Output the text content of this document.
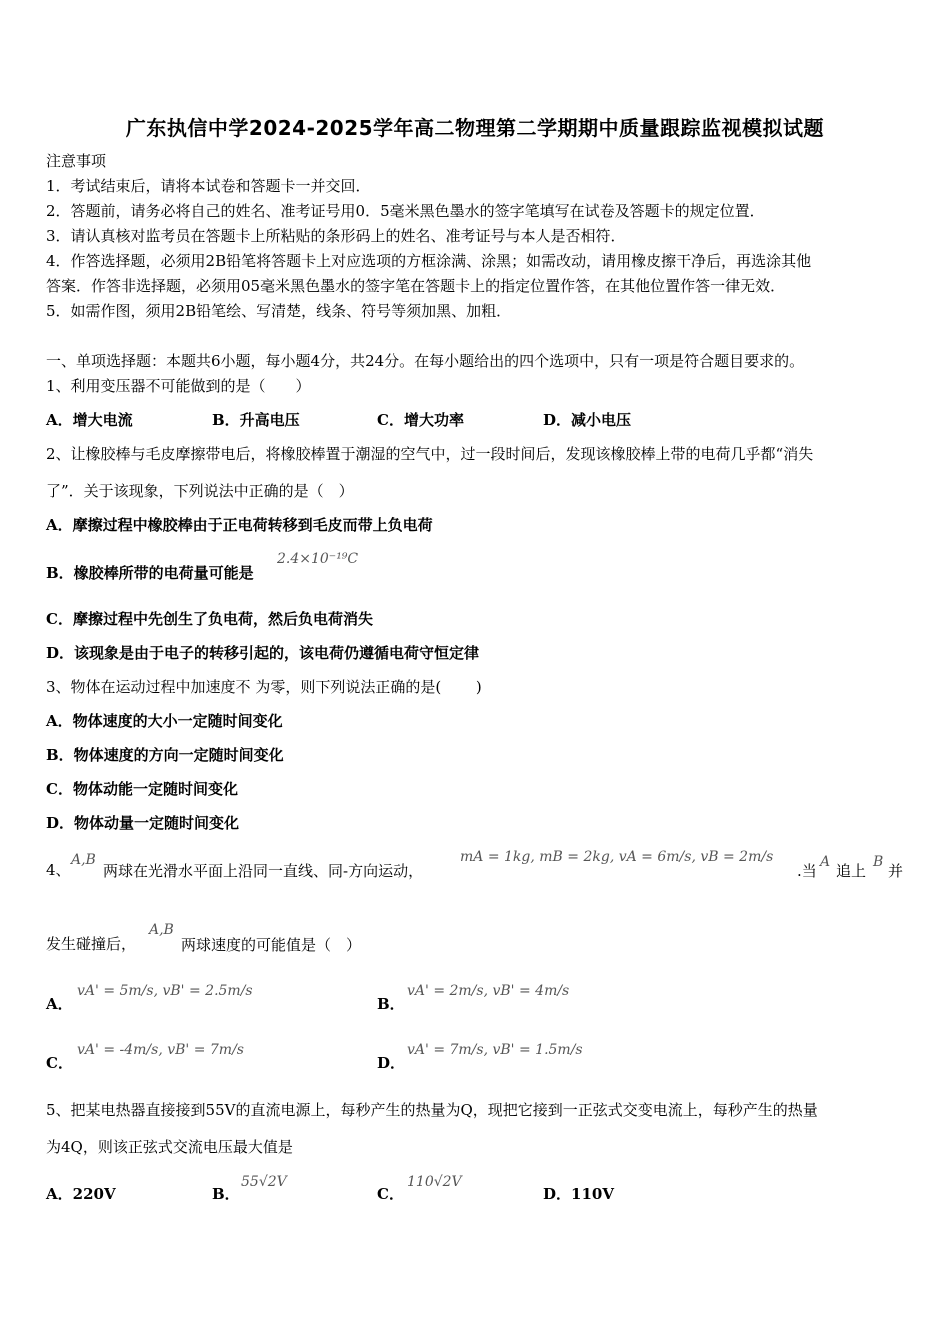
广东执信中学2024-2025学年高二物理第二学期期中质量跟踪监视模拟试题
注意事项
1．考试结束后，请将本试卷和答题卡一并交回．
2．答题前，请务必将自己的姓名、准考证号用0．5毫米黑色墨水的签字笔填写在试卷及答题卡的规定位置．
3．请认真核对监考员在答题卡上所粘贴的条形码上的姓名、准考证号与本人是否相符．
4．作答选择题，必须用2B铅笔将答题卡上对应选项的方框涂满、涂黑；如需改动，请用橡皮擦干净后，再选涂其他
答案．作答非选择题，必须用05毫米黑色墨水的签字笔在答题卡上的指定位置作答，在其他位置作答一律无效．
5．如需作图，须用2B铅笔绘、写清楚，线条、符号等须加黑、加粗．
一、单项选择题：本题共6小题，每小题4分，共24分。在每小题给出的四个选项中，只有一项是符合题目要求的。
1、利用变压器不可能做到的是（　　）
A．增大电流	B．升高电压	C．增大功率	D．减小电压
2、让橡胶棒与毛皮摩擦带电后，将橡胶棒置于潮湿的空气中，过一段时间后，发现该橡胶棒上带的电荷几乎都“消失
了”．关于该现象，下列说法中正确的是（　）
A．摩擦过程中橡胶棒由于正电荷转移到毛皮而带上负电荷
B．橡胶棒所带的电荷量可能是
2.4×10⁻¹⁹C
C．摩擦过程中先创生了负电荷，然后负电荷消失
D．该现象是由于电子的转移引起的，该电荷仍遵循电荷守恒定律
3、物体在运动过程中加速度不 为零，则下列说法正确的是(　　 )
A．物体速度的大小一定随时间变化
B．物体速度的方向一定随时间变化
C．物体动能一定随时间变化
D．物体动量一定随时间变化
4、
A,B
两球在光滑水平面上沿同一直线、同-方向运动，
mA = 1kg, mB = 2kg, vA = 6m/s, vB = 2m/s
.当 A 追上 B 并
发生碰撞后，
A,B
两球速度的可能值是（　）
A．
vA' = 5m/s, vB' = 2.5m/s
B．
vA' = 2m/s, vB' = 4m/s
C．
vA' = -4m/s, vB' = 7m/s
D．
vA' = 7m/s, vB' = 1.5m/s
5、把某电热器直接接到55V的直流电源上，每秒产生的热量为Q，现把它接到一正弦式交变电流上，每秒产生的热量
为4Q，则该正弦式交流电压最大值是
A．220V	B．
55√2V
C．
110√2V
D．110V
